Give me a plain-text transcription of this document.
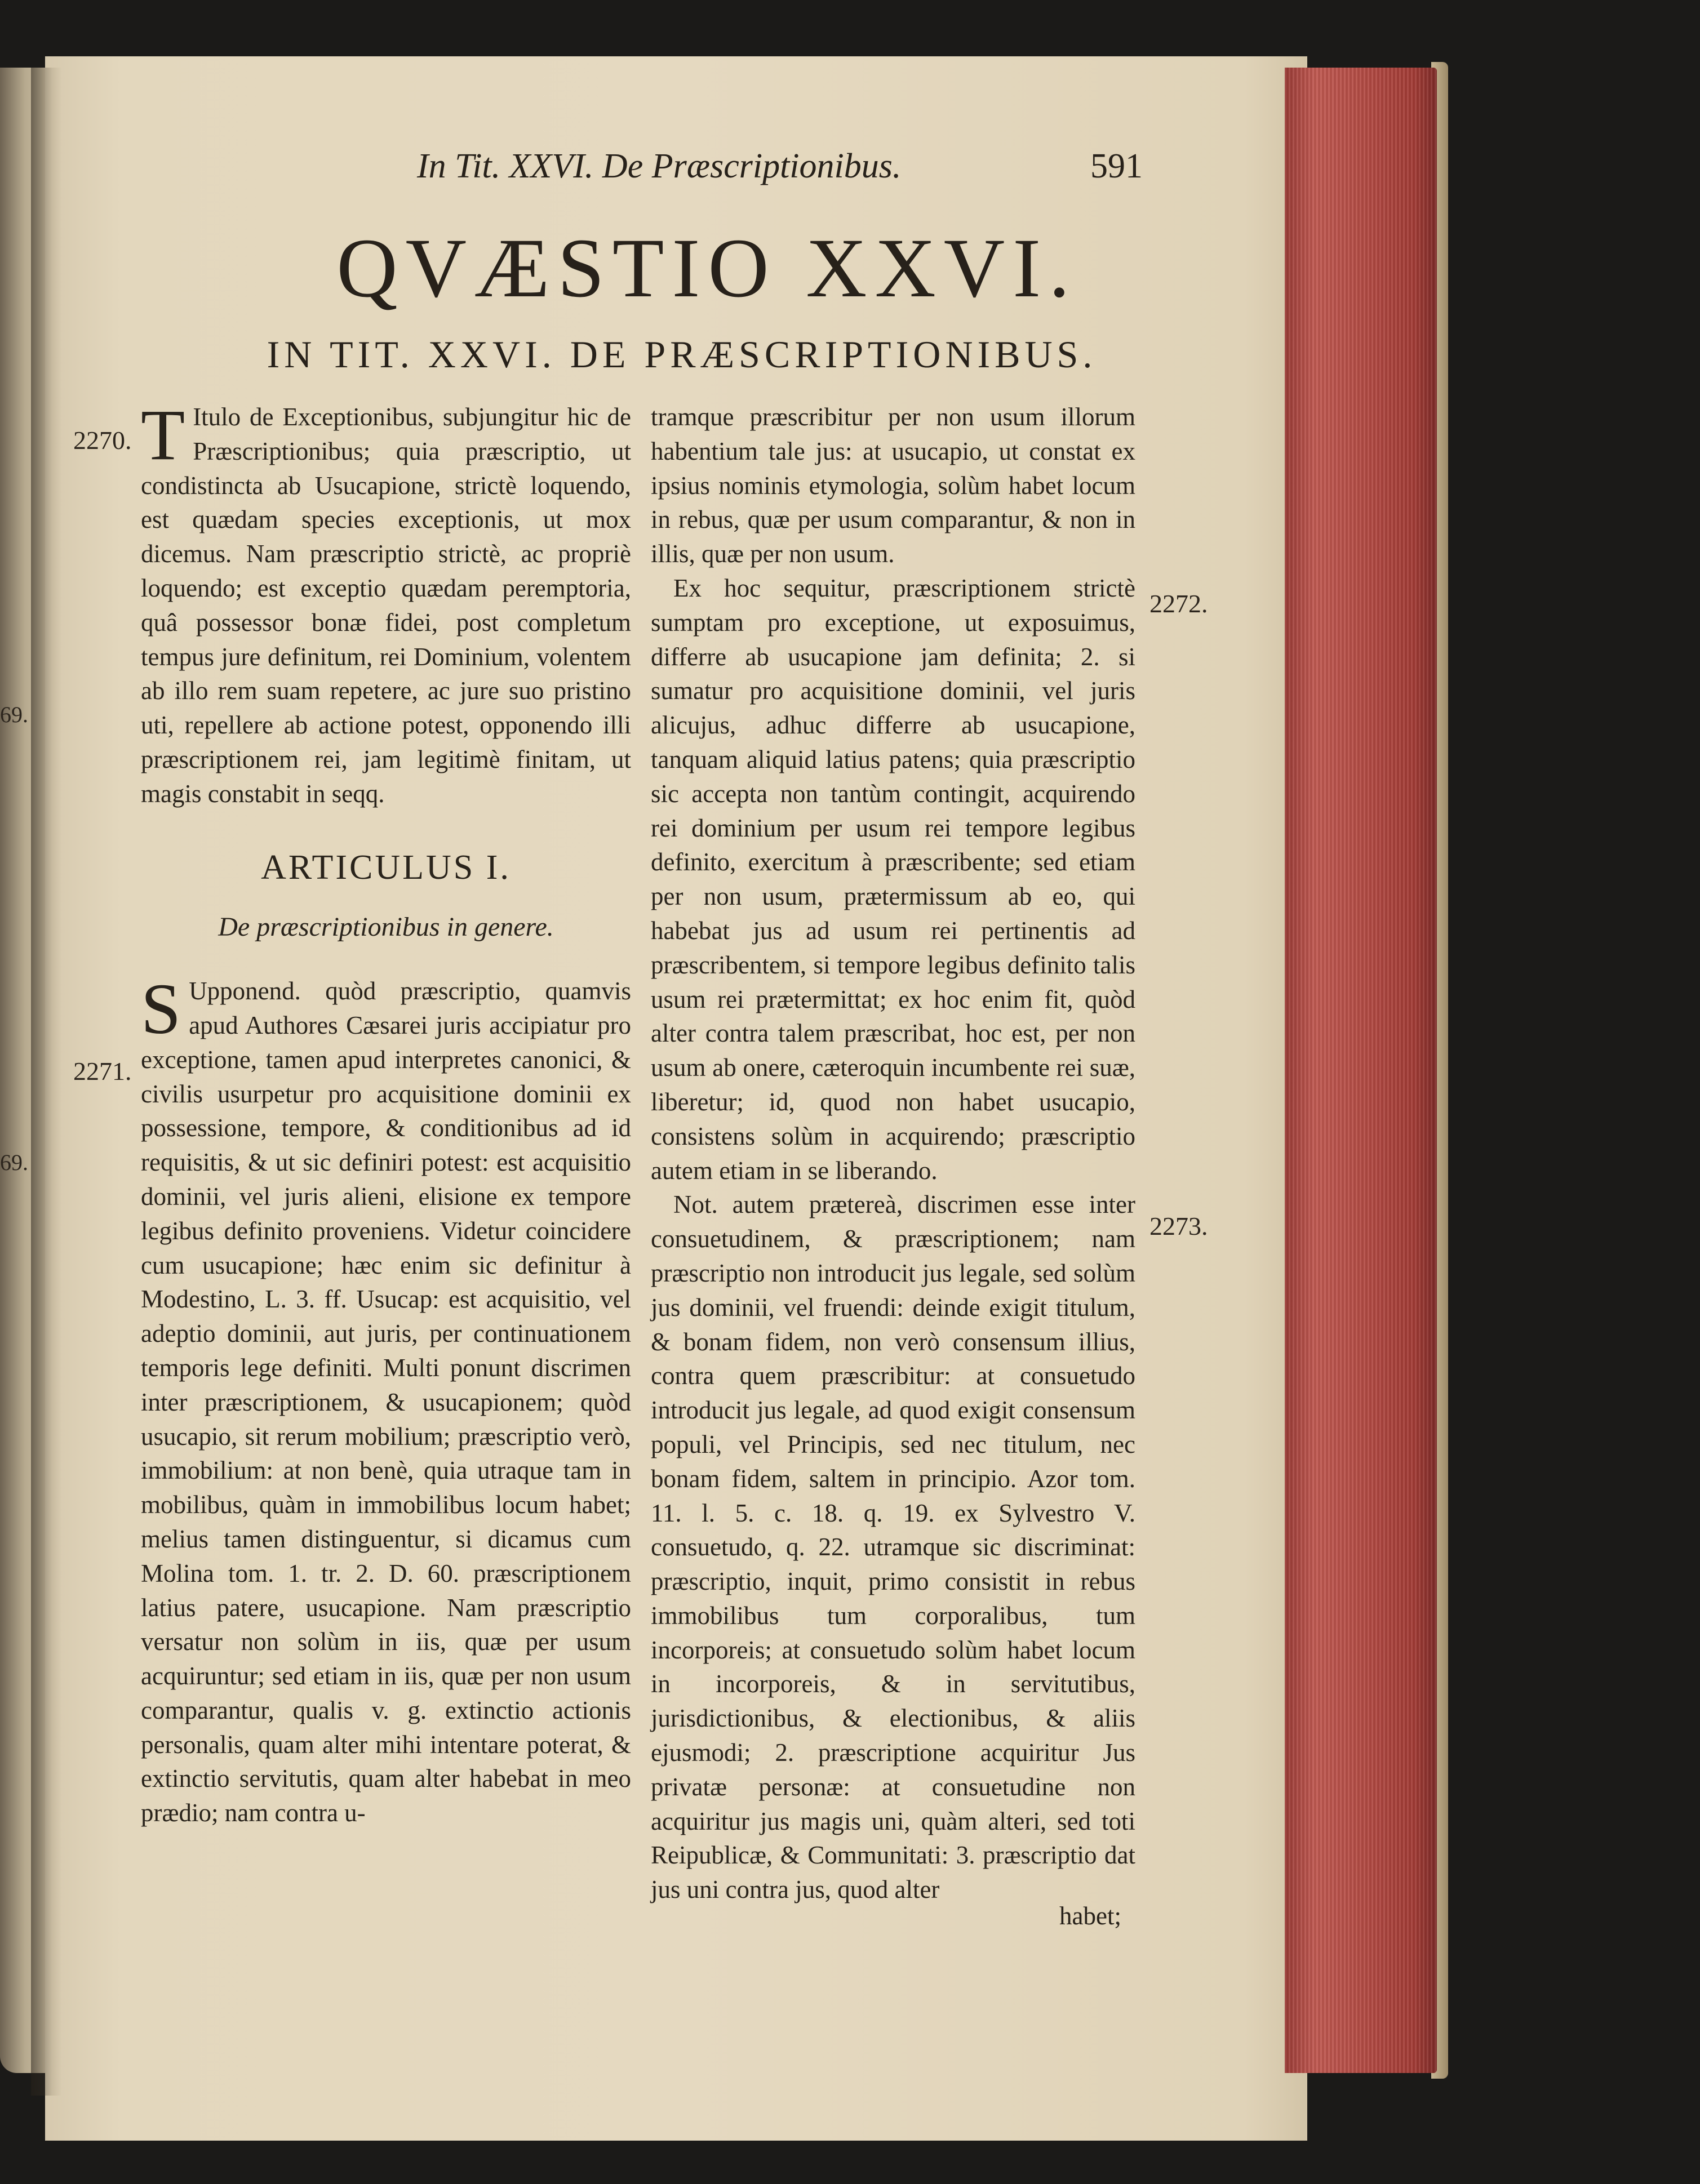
In Tit. XXVI. De Præscriptionibus.	591
QVÆSTIO XXVI.
IN TIT. XXVI. DE PRÆSCRIPTIONIBUS.
2270.
2271.
2272.
2273.
69.
69.

T Itulo de Exceptionibus, subjungitur hic de Præscriptionibus; quia præscriptio, ut condistincta ab Usucapione, strictè loquendo, est quædam species exceptionis, ut mox dicemus. Nam præscriptio strictè, ac propriè loquendo; est exceptio quædam peremptoria, quâ possessor bonæ fidei, post completum tempus jure definitum, rei Dominium, volentem ab illo rem suam repetere, ac jure suo pristino uti, repellere ab actione potest, opponendo illi præscriptionem rei, jam legitimè finitam, ut magis constabit in seqq.

ARTICULUS I.
De præscriptionibus in genere.

S Upponend. quòd præscriptio, quamvis apud Authores Cæsarei juris accipiatur pro exceptione, tamen apud interpretes canonici, & civilis usurpetur pro acquisitione dominii ex possessione, tempore, & conditionibus ad id requisitis, & ut sic definiri potest: est acquisitio dominii, vel juris alieni, elisione ex tempore legibus definito proveniens. Videtur coincidere cum usucapione; hæc enim sic definitur à Modestino, L. 3. ff. Usucap: est acquisitio, vel adeptio dominii, aut juris, per continuationem temporis lege definiti. Multi ponunt discrimen inter præscriptionem, & usucapionem; quòd usucapio, sit rerum mobilium; præscriptio verò, immobilium: at non benè, quia utraque tam in mobilibus, quàm in immobilibus locum habet; melius tamen distinguentur, si dicamus cum Molina tom. 1. tr. 2. D. 60. præscriptionem latius patere, usucapione. Nam præscriptio versatur non solùm in iis, quæ per usum acquiruntur; sed etiam in iis, quæ per non usum comparantur, qualis v. g. extinctio actionis personalis, quam alter mihi intentare poterat, & extinctio servitutis, quam alter habebat in meo prædio; nam contra u-

tramque præscribitur per non usum illorum habentium tale jus: at usucapio, ut constat ex ipsius nominis etymologia, solùm habet locum in rebus, quæ per usum comparantur, & non in illis, quæ per non usum.

Ex hoc sequitur, præscriptionem strictè sumptam pro exceptione, ut exposuimus, differre ab usucapione jam definita; 2. si sumatur pro acquisitione dominii, vel juris alicujus, adhuc differre ab usucapione, tanquam aliquid latius patens; quia præscriptio sic accepta non tantùm contingit, acquirendo rei dominium per usum rei tempore legibus definito, exercitum à præscribente; sed etiam per non usum, prætermissum ab eo, qui habebat jus ad usum rei pertinentis ad præscribentem, si tempore legibus definito talis usum rei prætermittat; ex hoc enim fit, quòd alter contra talem præscribat, hoc est, per non usum ab onere, cæteroquin incumbente rei suæ, liberetur; id, quod non habet usucapio, consistens solùm in acquirendo; præscriptio autem etiam in se liberando.

Not. autem prætereà, discrimen esse inter consuetudinem, & præscriptionem; nam præscriptio non introducit jus legale, sed solùm jus dominii, vel fruendi: deinde exigit titulum, & bonam fidem, non verò consensum illius, contra quem præscribitur: at consuetudo introducit jus legale, ad quod exigit consensum populi, vel Principis, sed nec titulum, nec bonam fidem, saltem in principio. Azor tom. 11. l. 5. c. 18. q. 19. ex Sylvestro V. consuetudo, q. 22. utramque sic discriminat: præscriptio, inquit, primo consistit in rebus immobilibus tum corporalibus, tum incorporeis; at consuetudo solùm habet locum in incorporeis, & in servitutibus, jurisdictionibus, & electionibus, & aliis ejusmodi; 2. præscriptione acquiritur Jus privatæ personæ: at consuetudine non acquiritur jus magis uni, quàm alteri, sed toti Reipublicæ, & Communitati: 3. præscriptio dat jus uni contra jus, quod alter

habet;
